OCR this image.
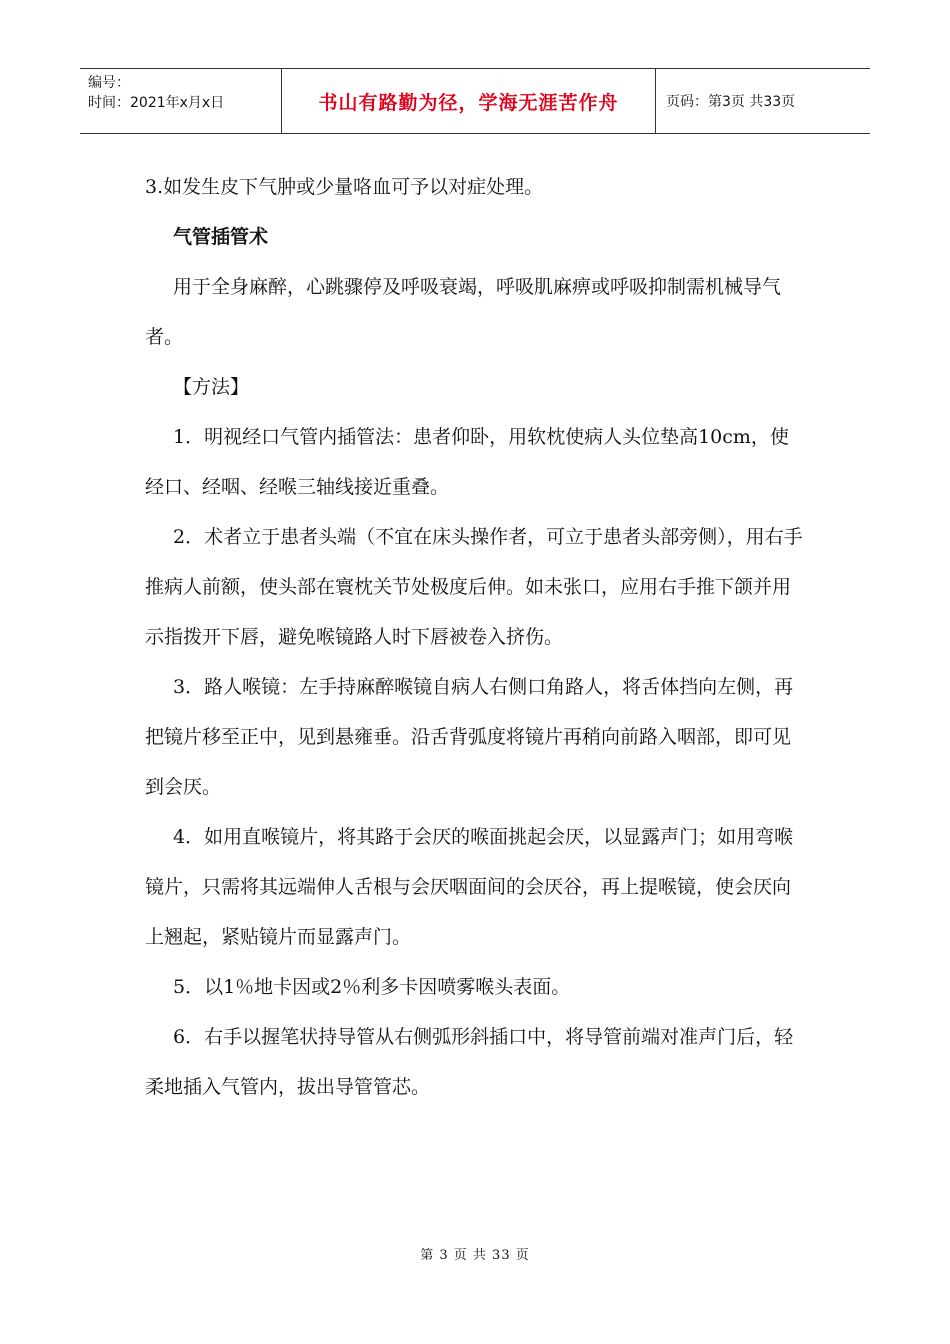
编号：
时间：2021年x月x日	书山有路勤为径，学海无涯苦作舟	页码：第3页 共33页

3.如发生皮下气肿或少量咯血可予以对症处理。

气管插管术

用于全身麻醉，心跳骤停及呼吸衰竭，呼吸肌麻痹或呼吸抑制需机械导气者。

【方法】

1．明视经口气管内插管法：患者仰卧，用软枕使病人头位垫高10cm，使经口、经咽、经喉三轴线接近重叠。

2．术者立于患者头端（不宜在床头操作者，可立于患者头部旁侧），用右手推病人前额，使头部在寰枕关节处极度后伸。如未张口，应用右手推下颌并用示指拨开下唇，避免喉镜路人时下唇被卷入挤伤。

3．路人喉镜：左手持麻醉喉镜自病人右侧口角路人，将舌体挡向左侧，再把镜片移至正中，见到悬雍垂。沿舌背弧度将镜片再稍向前路入咽部，即可见到会厌。

4．如用直喉镜片，将其路于会厌的喉面挑起会厌，以显露声门；如用弯喉镜片，只需将其远端伸人舌根与会厌咽面间的会厌谷，再上提喉镜，使会厌向上翘起，紧贴镜片而显露声门。

5．以1％地卡因或2％利多卡因喷雾喉头表面。

6．右手以握笔状持导管从右侧弧形斜插口中，将导管前端对准声门后，轻柔地插入气管内，拔出导管管芯。

第 3 页 共 33 页
